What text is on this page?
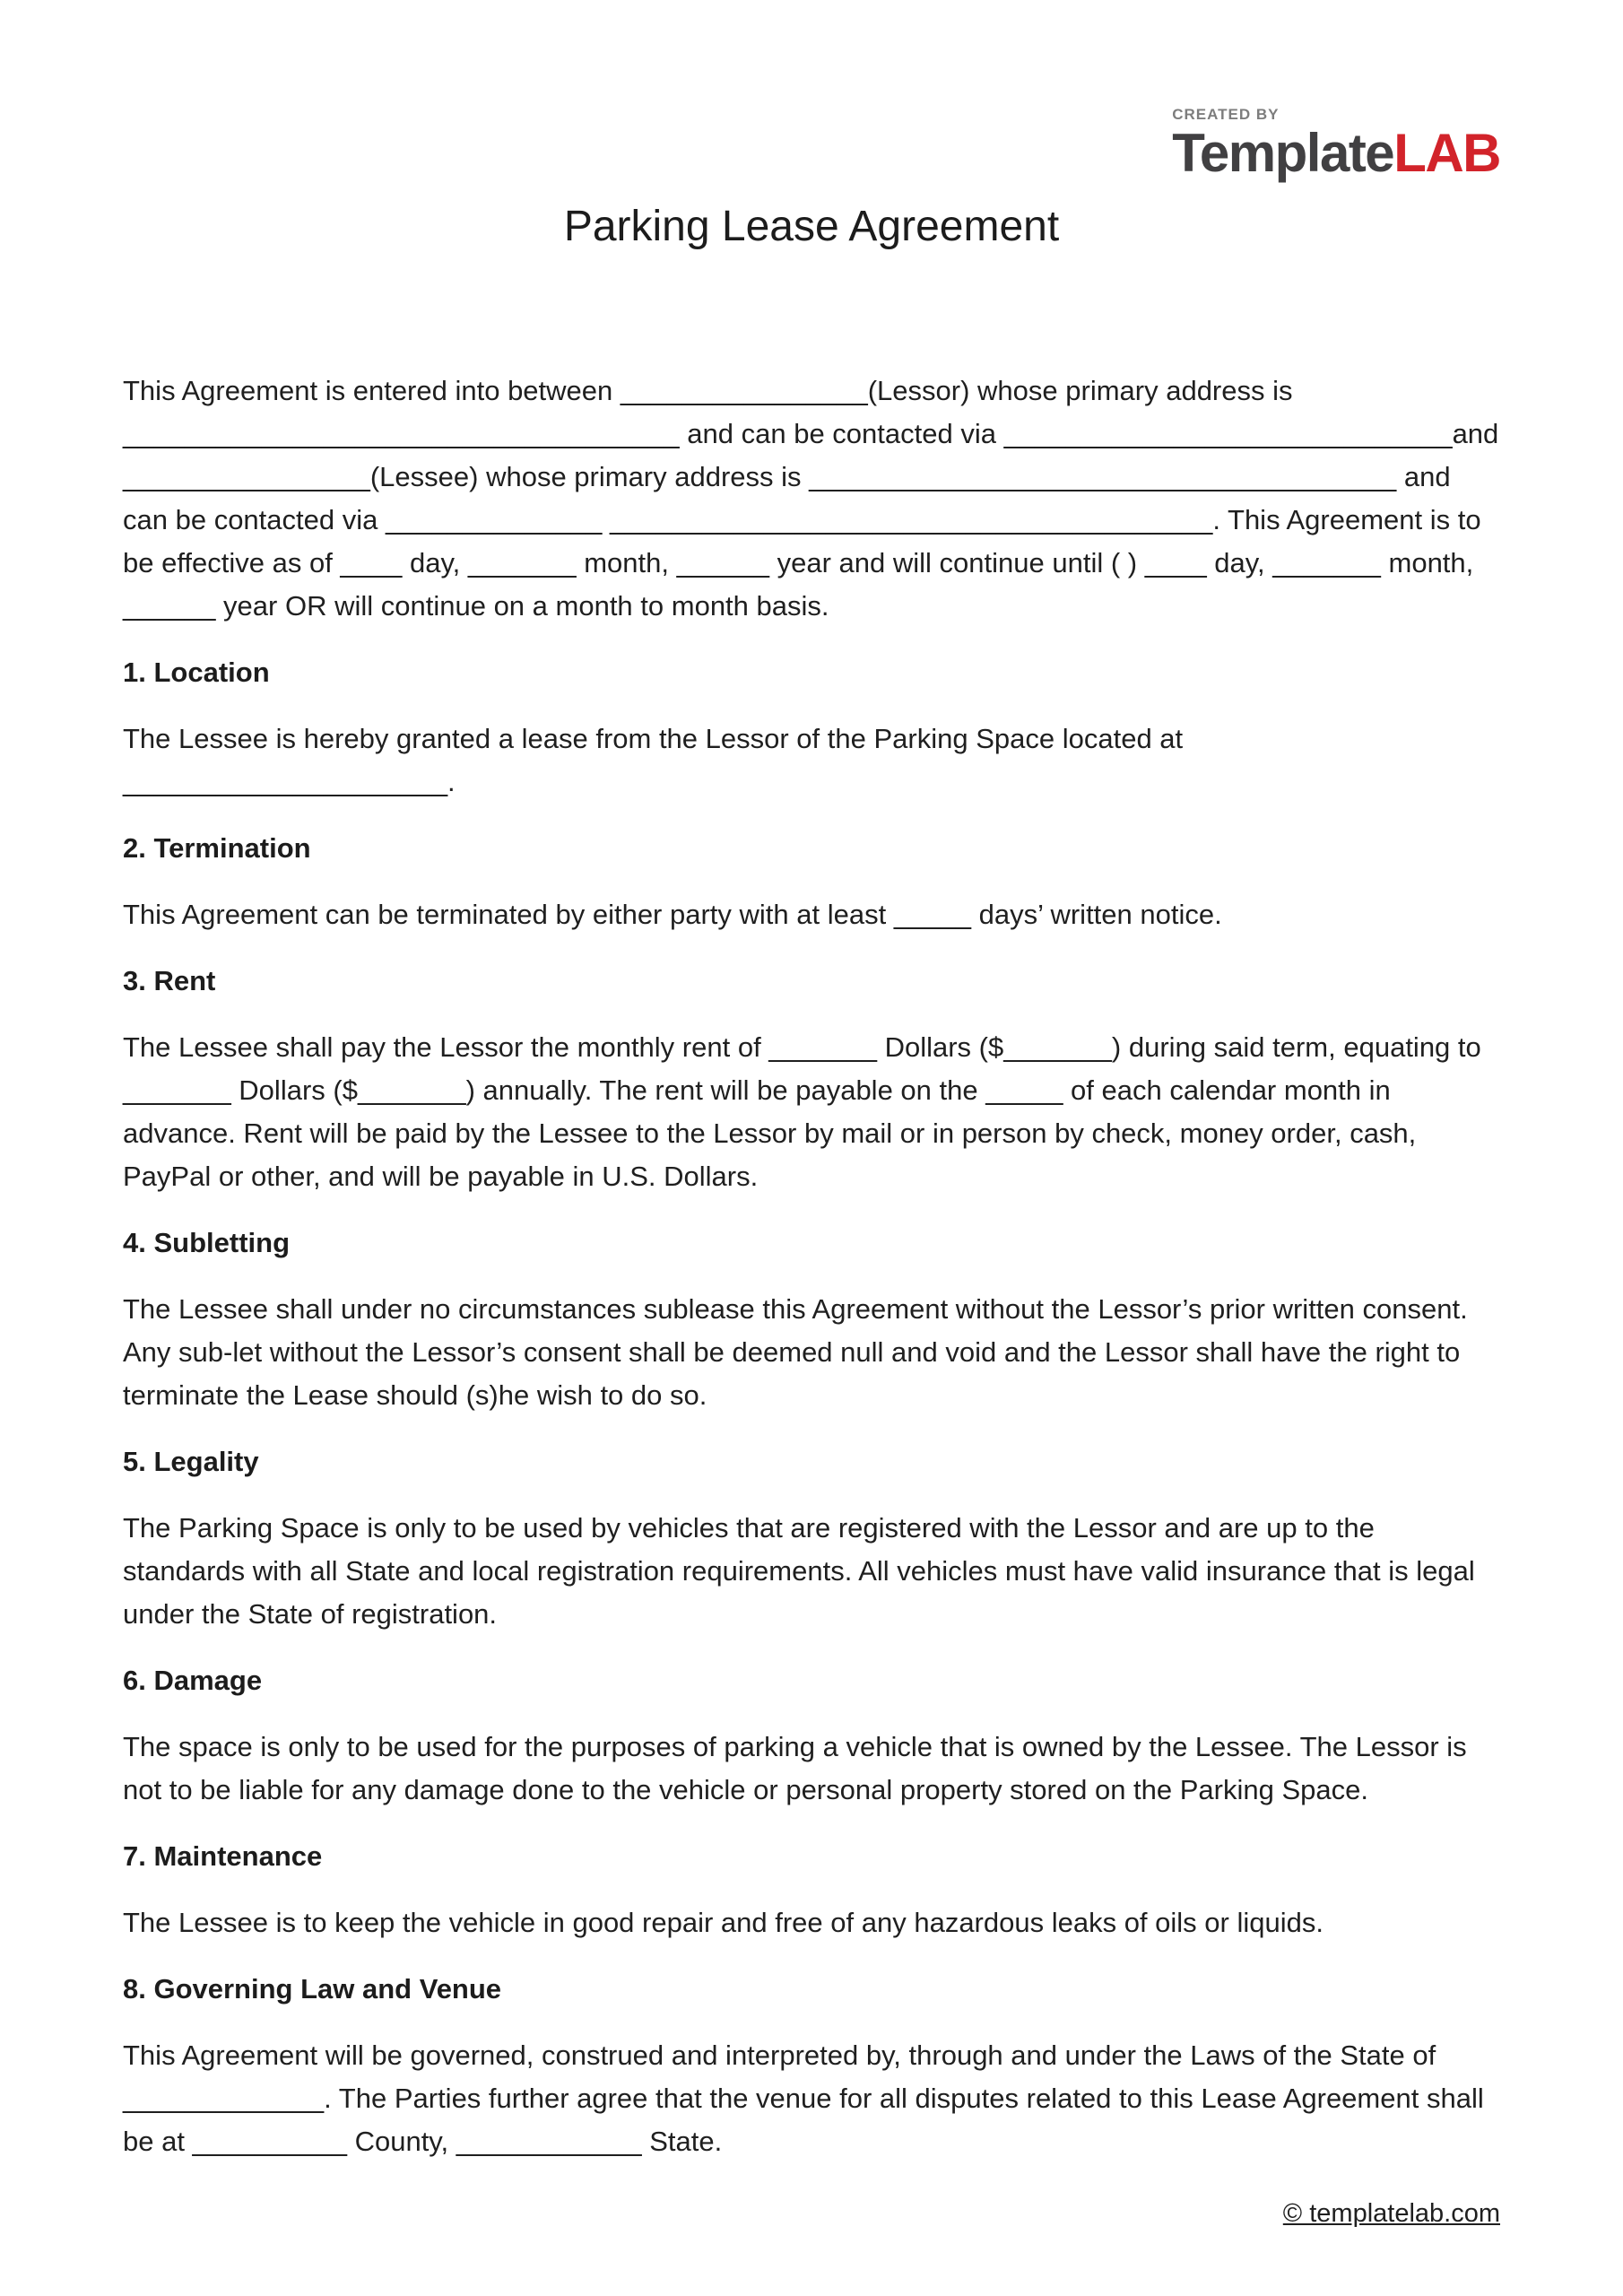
CREATED BY
TemplateLAB
Parking Lease Agreement

This Agreement is entered into between ________________(Lessor) whose primary address is ____________________________________ and can be contacted via _____________________________and ________________(Lessee) whose primary address is ______________________________________ and can be contacted via ______________ _______________________________________. This Agreement is to be effective as of ____ day, _______ month, ______ year and will continue until ( ) ____ day, _______ month, ______ year OR will continue on a month to month basis.

1. Location

The Lessee is hereby granted a lease from the Lessor of the Parking Space located at _____________________.

2. Termination

This Agreement can be terminated by either party with at least _____ days’ written notice.

3. Rent

The Lessee shall pay the Lessor the monthly rent of _______ Dollars ($_______) during said term, equating to _______ Dollars ($_______) annually. The rent will be payable on the _____ of each calendar month in advance. Rent will be paid by the Lessee to the Lessor by mail or in person by check, money order, cash, PayPal or other, and will be payable in U.S. Dollars.

4. Subletting

The Lessee shall under no circumstances sublease this Agreement without the Lessor’s prior written consent. Any sub-let without the Lessor’s consent shall be deemed null and void and the Lessor shall have the right to terminate the Lease should (s)he wish to do so.

5. Legality

The Parking Space is only to be used by vehicles that are registered with the Lessor and are up to the standards with all State and local registration requirements. All vehicles must have valid insurance that is legal under the State of registration.

6. Damage

The space is only to be used for the purposes of parking a vehicle that is owned by the Lessee. The Lessor is not to be liable for any damage done to the vehicle or personal property stored on the Parking Space.

7. Maintenance

The Lessee is to keep the vehicle in good repair and free of any hazardous leaks of oils or liquids.

8. Governing Law and Venue

This Agreement will be governed, construed and interpreted by, through and under the Laws of the State of _____________. The Parties further agree that the venue for all disputes related to this Lease Agreement shall be at __________ County, ____________ State.

© templatelab.com
